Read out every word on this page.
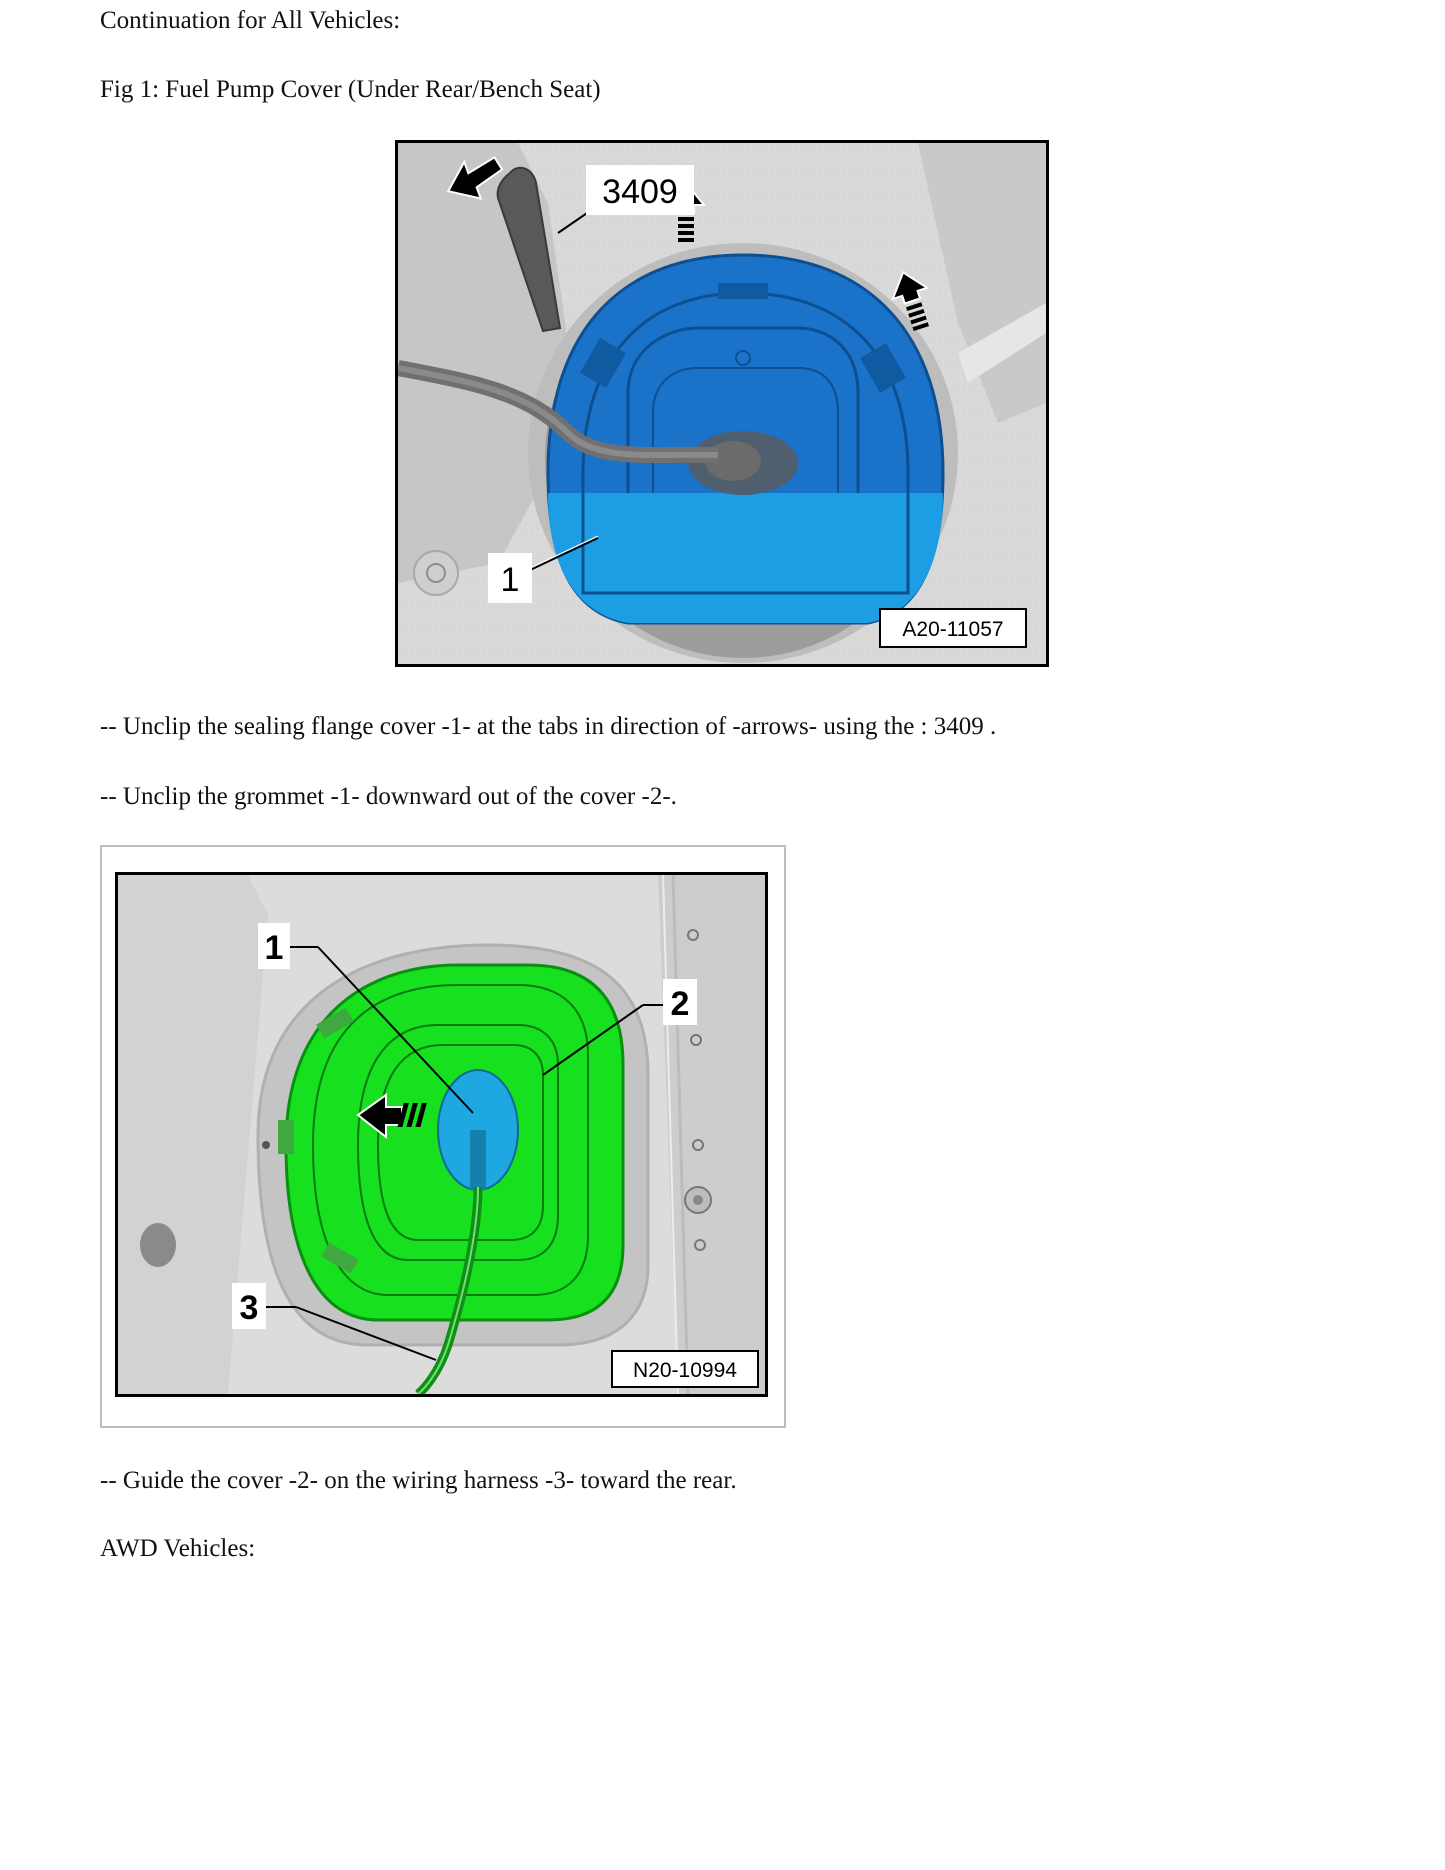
Continuation for All Vehicles:
Fig 1: Fuel Pump Cover (Under Rear/Bench Seat)
3409
1
A20-11057
-- Unclip the sealing flange cover -1- at the tabs in direction of -arrows- using the : 3409 .
-- Unclip the grommet -1- downward out of the cover -2-.
1
2
3
N20-10994
-- Guide the cover -2- on the wiring harness -3- toward the rear.
AWD Vehicles:
